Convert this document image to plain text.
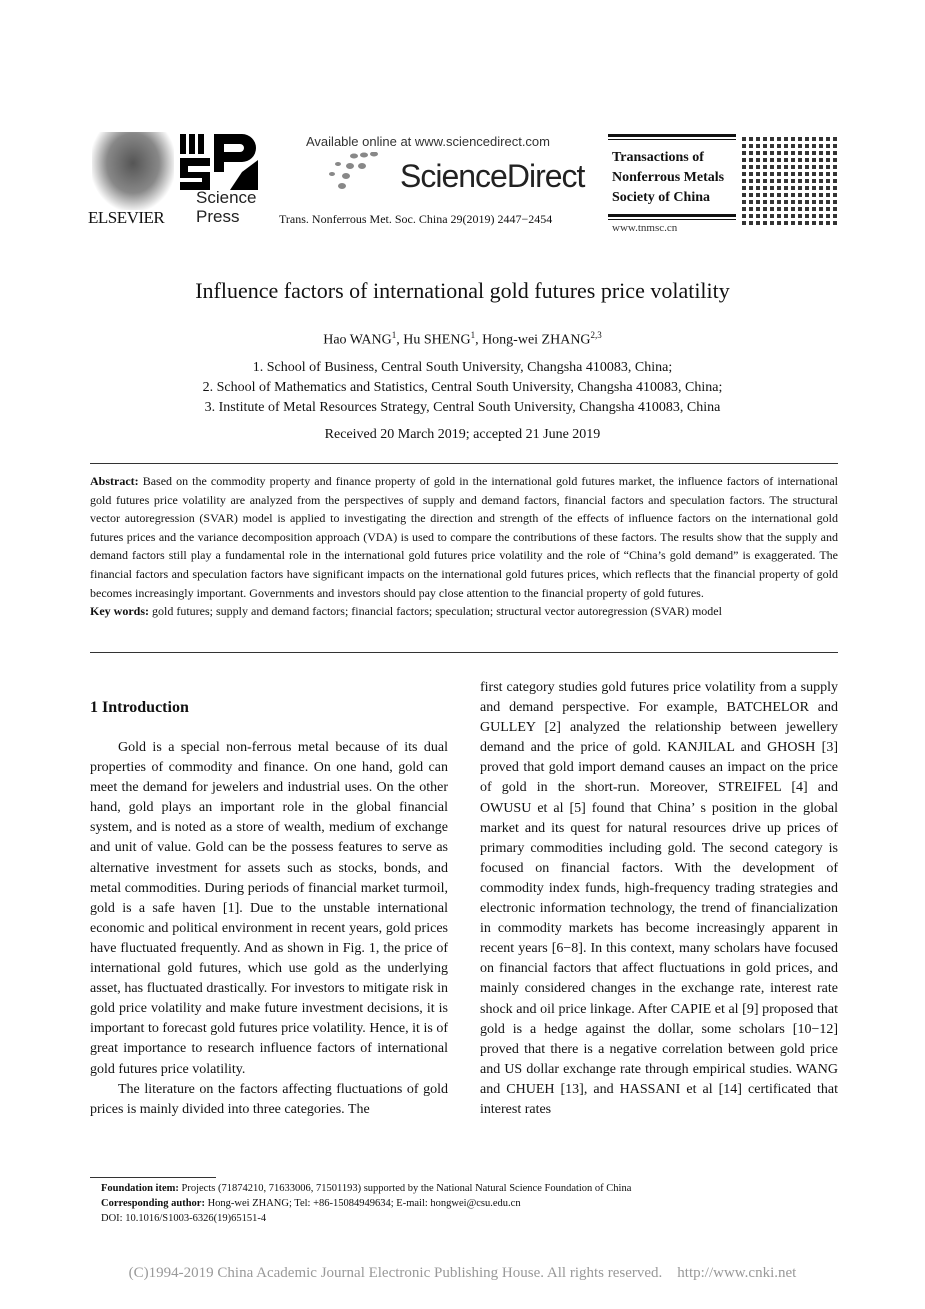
ELSEVIER
Science
Press
Available online at www.sciencedirect.com
ScienceDirect
Trans. Nonferrous Met. Soc. China 29(2019) 2447−2454
Transactions of
Nonferrous Metals
Society of China
www.tnmsc.cn
Influence factors of international gold futures price volatility
Hao WANG$^1$, Hu SHENG$^1$, Hong-wei ZHANG$^{2,3}$
1. School of Business, Central South University, Changsha 410083, China;
2. School of Mathematics and Statistics, Central South University, Changsha 410083, China;
3. Institute of Metal Resources Strategy, Central South University, Changsha 410083, China
Received 20 March 2019; accepted 21 June 2019
Abstract: Based on the commodity property and finance property of gold in the international gold futures market, the influence factors of international gold futures price volatility are analyzed from the perspectives of supply and demand factors, financial factors and speculation factors. The structural vector autoregression (SVAR) model is applied to investigating the direction and strength of the effects of influence factors on the international gold futures prices and the variance decomposition approach (VDA) is used to compare the contributions of these factors. The results show that the supply and demand factors still play a fundamental role in the international gold futures price volatility and the role of “China’s gold demand” is exaggerated. The financial factors and speculation factors have significant impacts on the international gold futures prices, which reflects that the financial property of gold becomes increasingly important. Governments and investors should pay close attention to the financial property of gold futures.
Key words: gold futures; supply and demand factors; financial factors; speculation; structural vector autoregression (SVAR) model
1 Introduction

Gold is a special non-ferrous metal because of its dual properties of commodity and finance. On one hand, gold can meet the demand for jewelers and industrial uses. On the other hand, gold plays an important role in the global financial system, and is noted as a store of wealth, medium of exchange and unit of value. Gold can be the possess features to serve as alternative investment for assets such as stocks, bonds, and metal commodities. During periods of financial market turmoil, gold is a safe haven [1]. Due to the unstable international economic and political environment in recent years, gold prices have fluctuated frequently. And as shown in Fig. 1, the price of international gold futures, which use gold as the underlying asset, has fluctuated drastically. For investors to mitigate risk in gold price volatility and make future investment decisions, it is important to forecast gold futures price volatility. Hence, it is of great importance to research influence factors of international gold futures price volatility.

The literature on the factors affecting fluctuations of gold prices is mainly divided into three categories. The

first category studies gold futures price volatility from a supply and demand perspective. For example, BATCHELOR and GULLEY [2] analyzed the relationship between jewellery demand and the price of gold. KANJILAL and GHOSH [3] proved that gold import demand causes an impact on the price of gold in the short-run. Moreover, STREIFEL [4] and OWUSU et al [5] found that China’ s position in the global market and its quest for natural resources drive up prices of primary commodities including gold. The second category is focused on financial factors. With the development of commodity index funds, high-frequency trading strategies and electronic information technology, the trend of financialization in commodity markets has become increasingly apparent in recent years [6−8]. In this context, many scholars have focused on financial factors that affect fluctuations in gold prices, and mainly considered changes in the exchange rate, interest rate shock and oil price linkage. After CAPIE et al [9] proposed that gold is a hedge against the dollar, some scholars [10−12] proved that there is a negative correlation between gold price and US dollar exchange rate through empirical studies. WANG and CHUEH [13], and HASSANI et al [14] certificated that interest rates

Foundation item: Projects (71874210, 71633006, 71501193) supported by the National Natural Science Foundation of China
Corresponding author: Hong-wei ZHANG; Tel: +86-15084949634; E-mail: hongwei@csu.edu.cn
DOI: 10.1016/S1003-6326(19)65151-4
(C)1994-2019 China Academic Journal Electronic Publishing House. All rights reserved.    http://www.cnki.net
